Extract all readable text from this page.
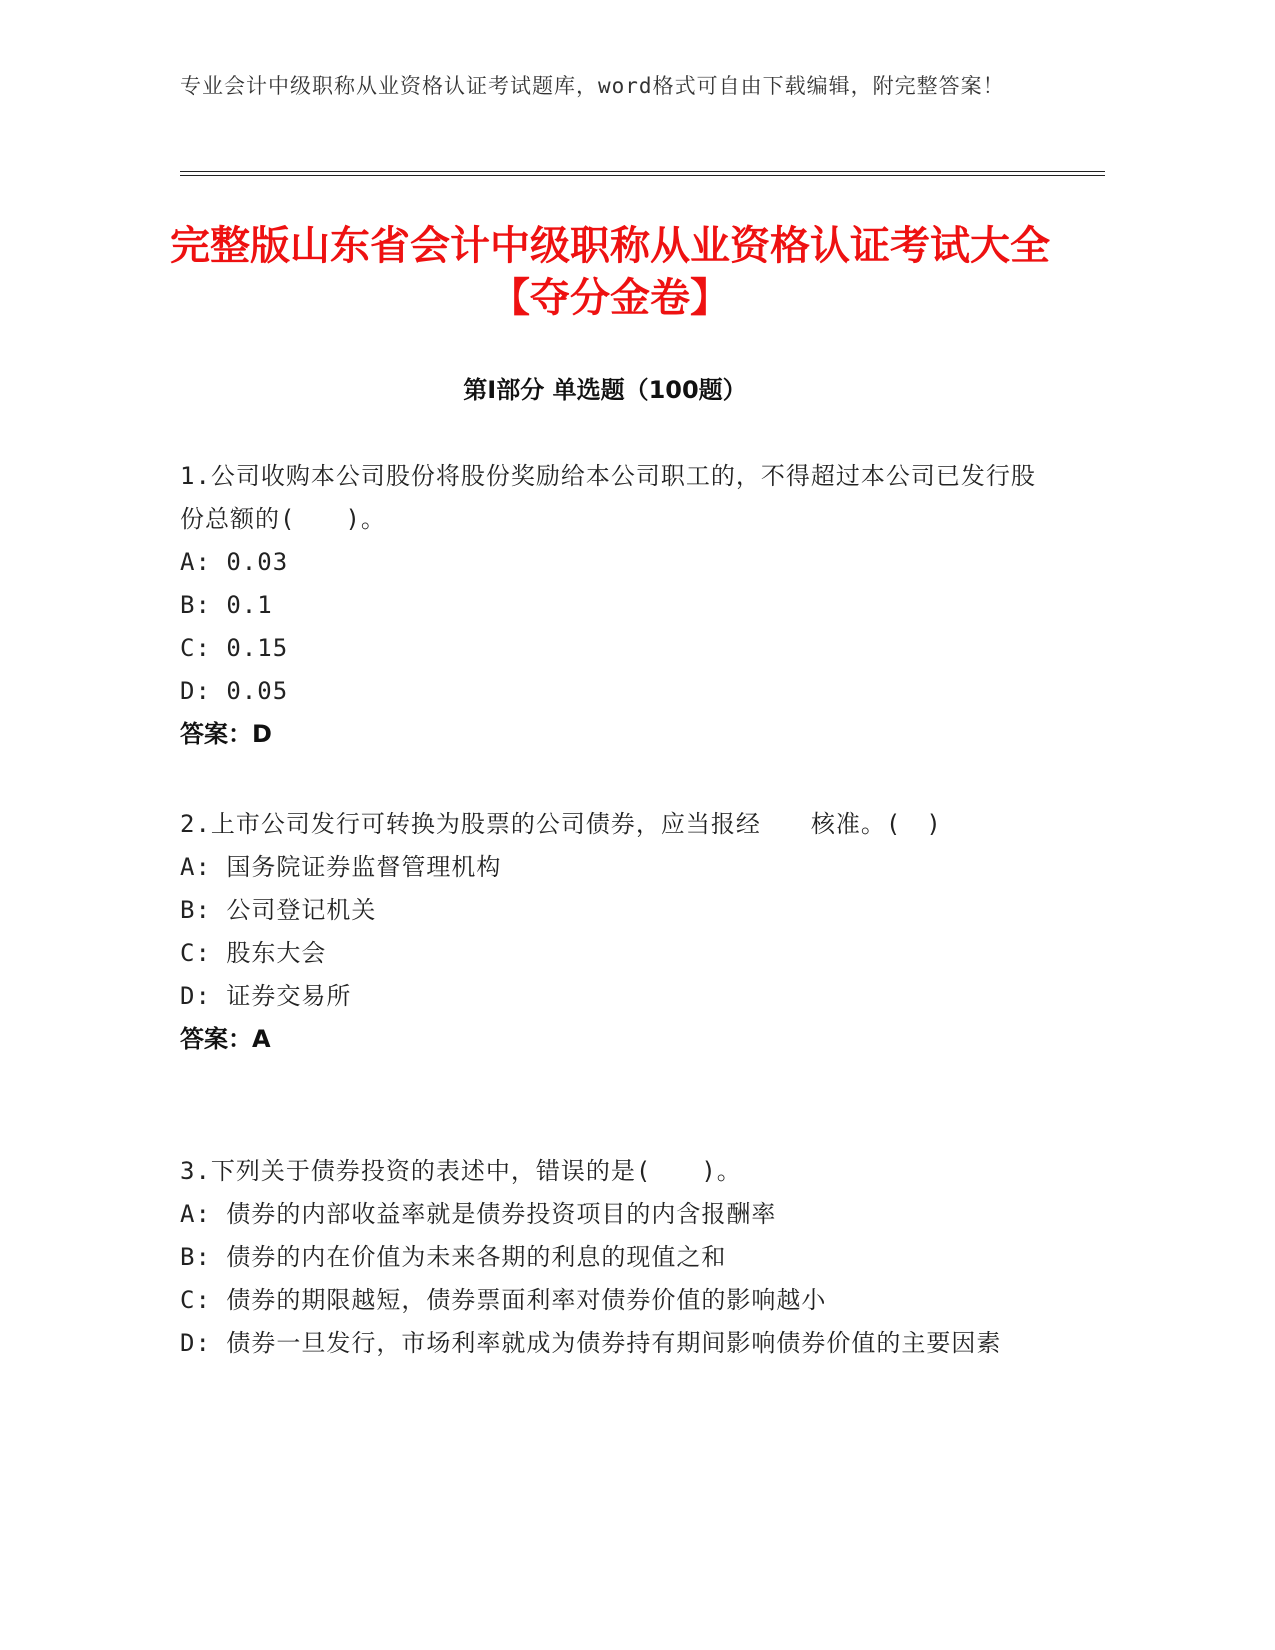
专业会计中级职称从业资格认证考试题库，word格式可自由下载编辑，附完整答案！
完整版山东省会计中级职称从业资格认证考试大全【夺分金卷】
第Ⅰ部分 单选题（100题）
1.公司收购本公司股份将股份奖励给本公司职工的，不得超过本公司已发行股份总额的(　　)。
A: 0.03
B: 0.1
C: 0.15
D: 0.05
答案：D
2.上市公司发行可转换为股票的公司债券，应当报经　　核准。(　)
A: 国务院证券监督管理机构
B: 公司登记机关
C: 股东大会
D: 证券交易所
答案：A
3.下列关于债券投资的表述中，错误的是(　　)。
A: 债券的内部收益率就是债券投资项目的内含报酬率
B: 债券的内在价值为未来各期的利息的现值之和
C: 债券的期限越短，债券票面利率对债券价值的影响越小
D: 债券一旦发行，市场利率就成为债券持有期间影响债券价值的主要因素
